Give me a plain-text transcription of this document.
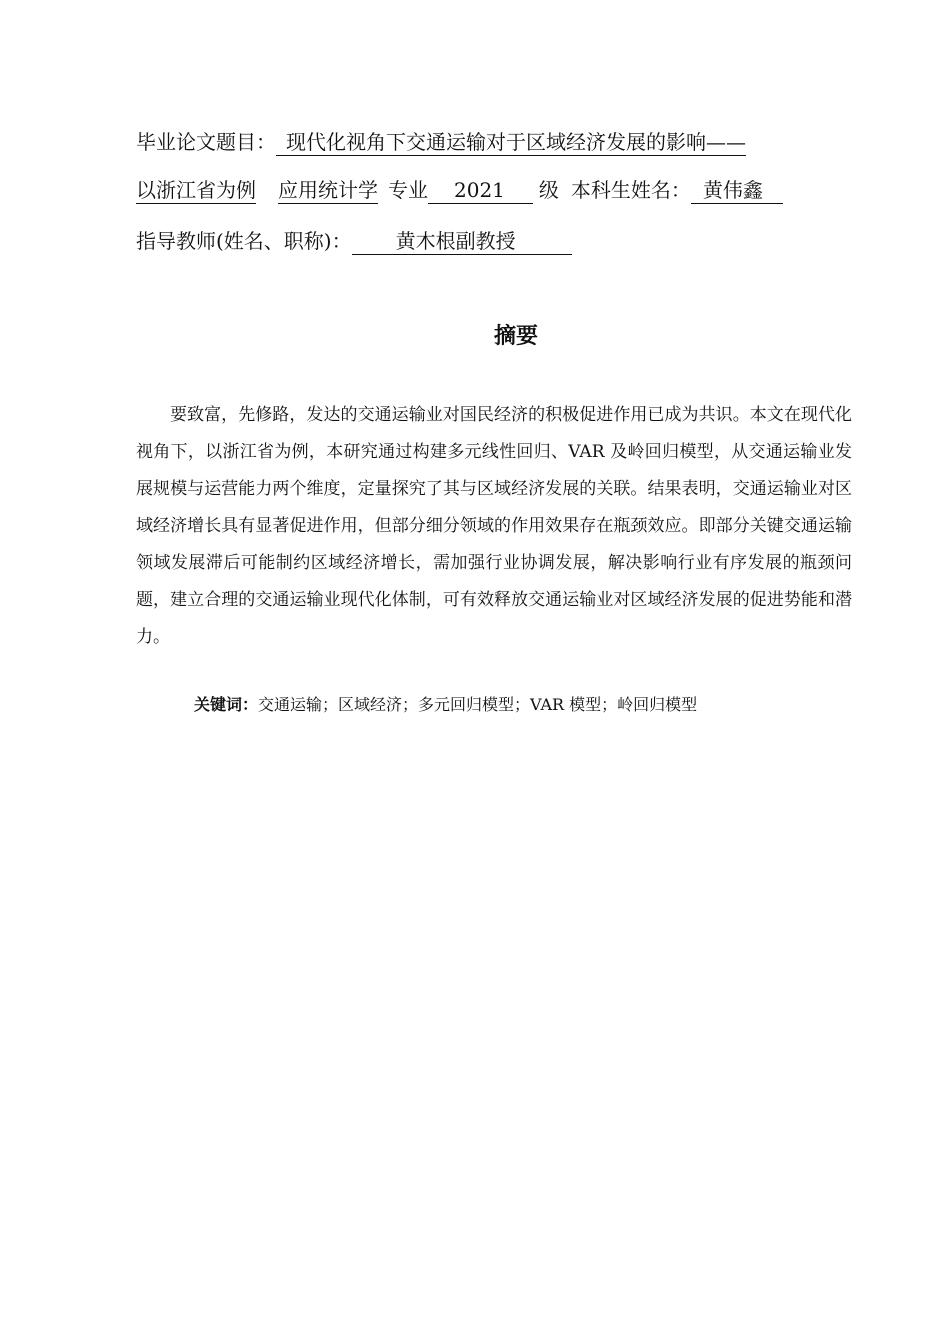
毕业论文题目： 现代化视角下交通运输对于区域经济发展的影响——
以浙江省为例 应用统计学 专业 2021 级 本科生姓名： 黄伟鑫
指导教师(姓名、职称)： 黄木根副教授
摘要

要致富，先修路，发达的交通运输业对国民经济的积极促进作用已成为共识。本文在现代化视角下，以浙江省为例，本研究通过构建多元线性回归、VAR 及岭回归模型，从交通运输业发展规模与运营能力两个维度，定量探究了其与区域经济发展的关联。结果表明，交通运输业对区域经济增长具有显著促进作用，但部分细分领域的作用效果存在瓶颈效应。即部分关键交通运输领域发展滞后可能制约区域经济增长，需加强行业协调发展，解决影响行业有序发展的瓶颈问题，建立合理的交通运输业现代化体制，可有效释放交通运输业对区域经济发展的促进势能和潜力。

关键词：交通运输；区域经济；多元回归模型；VAR 模型；岭回归模型
